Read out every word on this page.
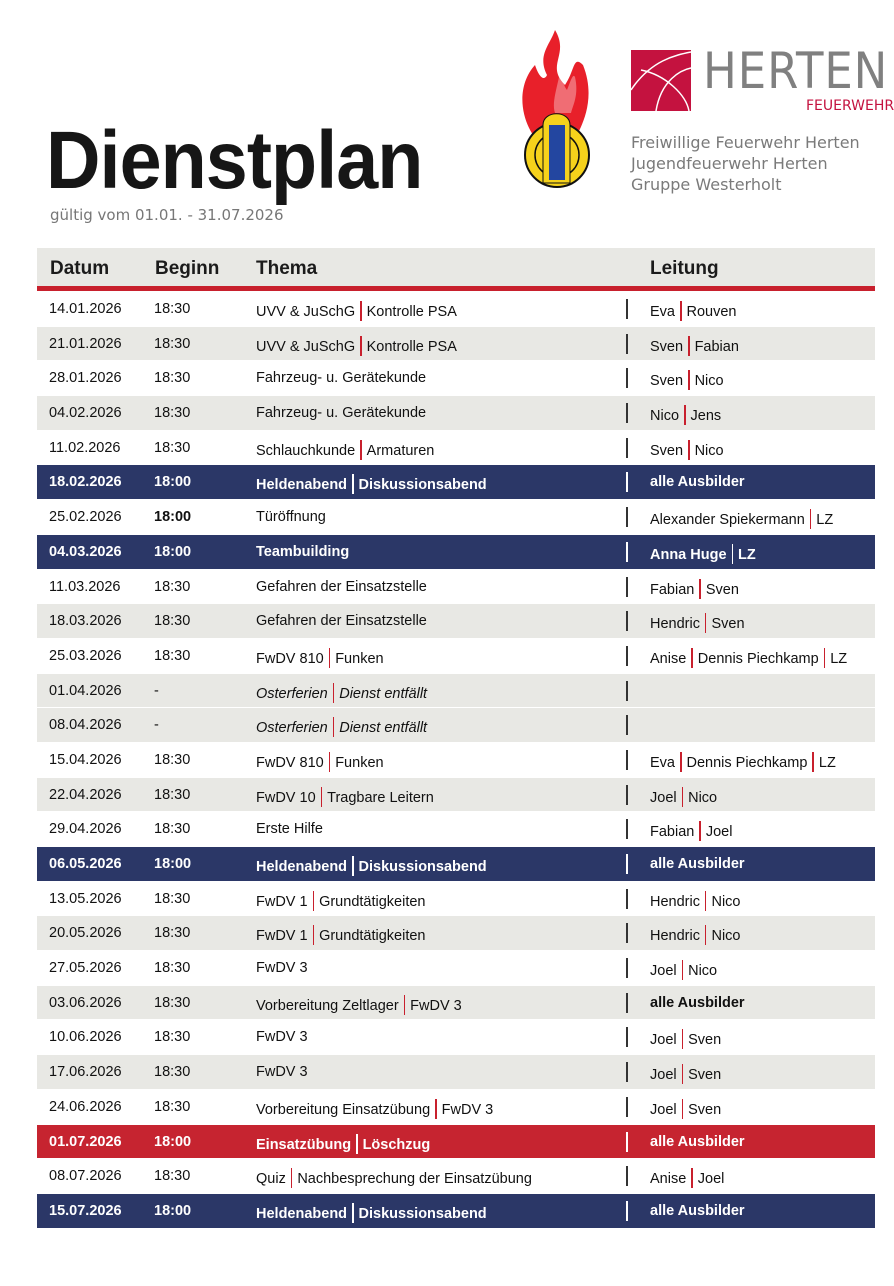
HERTEN
FEUERWEHR
Freiwillige Feuerwehr Herten
Jugendfeuerwehr Herten
Gruppe Westerholt
Dienstplan
gültig vom 01.01. - 31.07.2026
Datum Beginn Thema	Leitung
14.01.2026 18:30	UVV & JuSchG Kontrolle PSA	Eva Rouven
21.01.2026 18:30	UVV & JuSchG Kontrolle PSA	Sven Fabian
28.01.2026 18:30	Fahrzeug- u. Gerätekunde	Sven Nico
04.02.2026 18:30	Fahrzeug- u. Gerätekunde	Nico Jens
11.02.2026 18:30	Schlauchkunde Armaturen	Sven Nico
18.02.2026 18:00	Heldenabend Diskussionsabend	alle Ausbilder
25.02.2026 18:00	Türöffnung	Alexander Spiekermann LZ
04.03.2026 18:00	Teambuilding	Anna Huge LZ
11.03.2026 18:30	Gefahren der Einsatzstelle	Fabian Sven
18.03.2026 18:30	Gefahren der Einsatzstelle	Hendric Sven
25.03.2026 18:30	FwDV 810 Funken	Anise Dennis Piechkamp LZ
01.04.2026 -	Osterferien Dienst entfällt
08.04.2026 -	Osterferien Dienst entfällt
15.04.2026 18:30	FwDV 810 Funken	Eva Dennis Piechkamp LZ
22.04.2026 18:30	FwDV 10 Tragbare Leitern	Joel Nico
29.04.2026 18:30	Erste Hilfe	Fabian Joel
06.05.2026 18:00	Heldenabend Diskussionsabend	alle Ausbilder
13.05.2026 18:30	FwDV 1 Grundtätigkeiten	Hendric Nico
20.05.2026 18:30	FwDV 1 Grundtätigkeiten	Hendric Nico
27.05.2026 18:30	FwDV 3	Joel Nico
03.06.2026 18:30	Vorbereitung Zeltlager FwDV 3	alle Ausbilder
10.06.2026 18:30	FwDV 3	Joel Sven
17.06.2026 18:30	FwDV 3	Joel Sven
24.06.2026 18:30	Vorbereitung Einsatzübung FwDV 3	Joel Sven
01.07.2026 18:00	Einsatzübung Löschzug	alle Ausbilder
08.07.2026 18:30	Quiz Nachbesprechung der Einsatzübung	Anise Joel
15.07.2026 18:00	Heldenabend Diskussionsabend	alle Ausbilder
